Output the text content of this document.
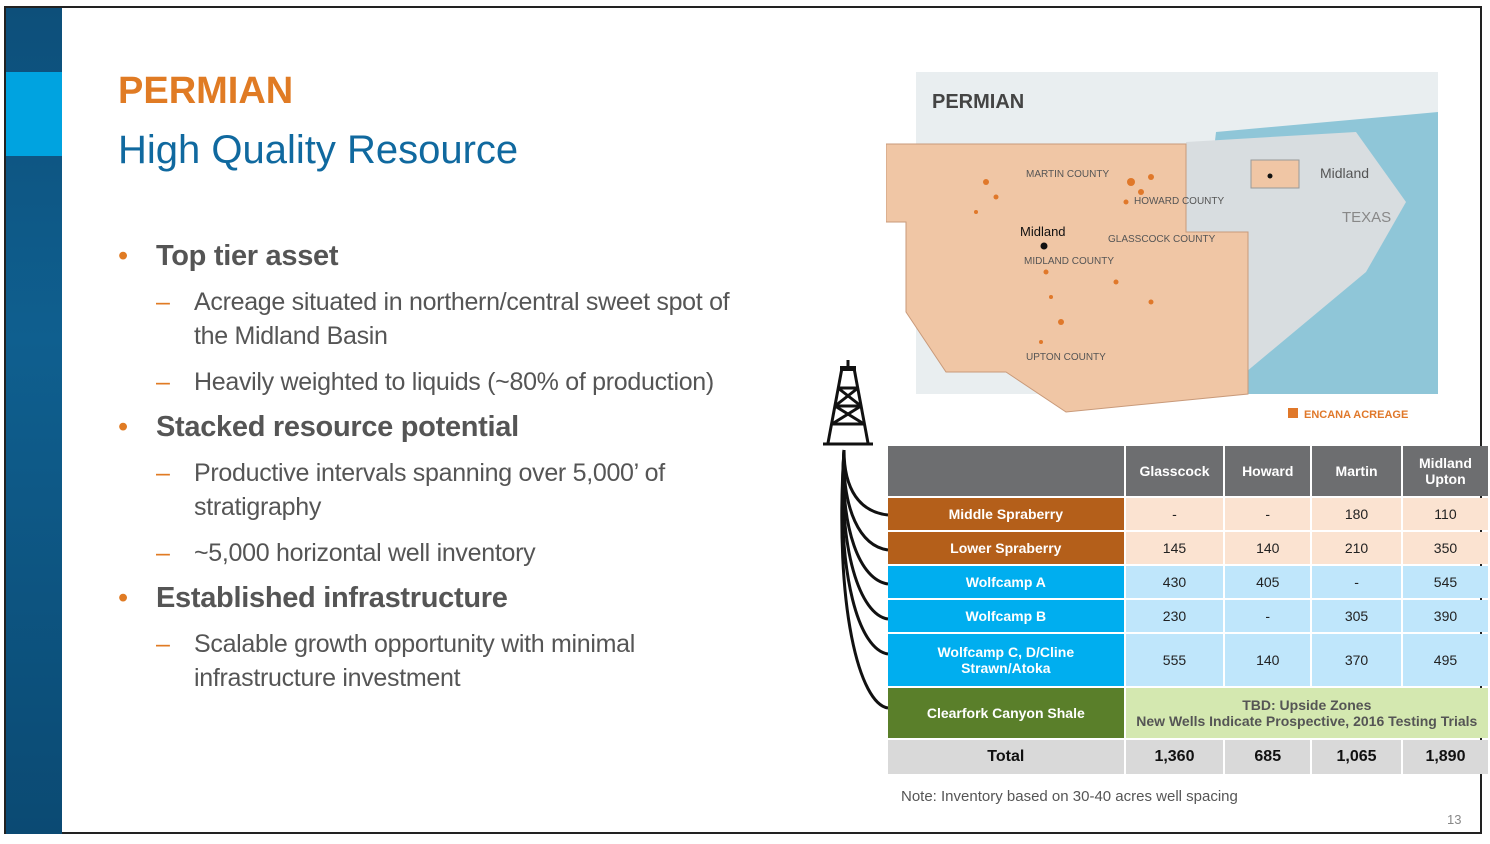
PERMIAN
High Quality Resource
• Top tier asset
– Acreage situated in northern/central sweet spot of the Midland Basin
– Heavily weighted to liquids (~80% of production)
• Stacked resource potential
– Productive intervals spanning over 5,000’ of stratigraphy
– ~5,000 horizontal well inventory
• Established infrastructure
– Scalable growth opportunity with minimal infrastructure investment
PERMIAN
MARTIN COUNTY
HOWARD COUNTY
Midland
MIDLAND COUNTY
GLASSCOCK COUNTY
UPTON COUNTY
Midland
TEXAS
ENCANA ACREAGE
	Glasscock	Howard	Martin	Midland Upton
Middle Spraberry	-	-	180	110
Lower Spraberry	145	140	210	350
Wolfcamp A	430	405	-	545
Wolfcamp B	230	-	305	390
Wolfcamp C, D/Cline Strawn/Atoka	555	140	370	495
Clearfork Canyon Shale	TBD: Upside Zones
New Wells Indicate Prospective, 2016 Testing Trials			

Total	1,360	685	1,065	1,890
Note: Inventory based on 30-40 acres well spacing
13
